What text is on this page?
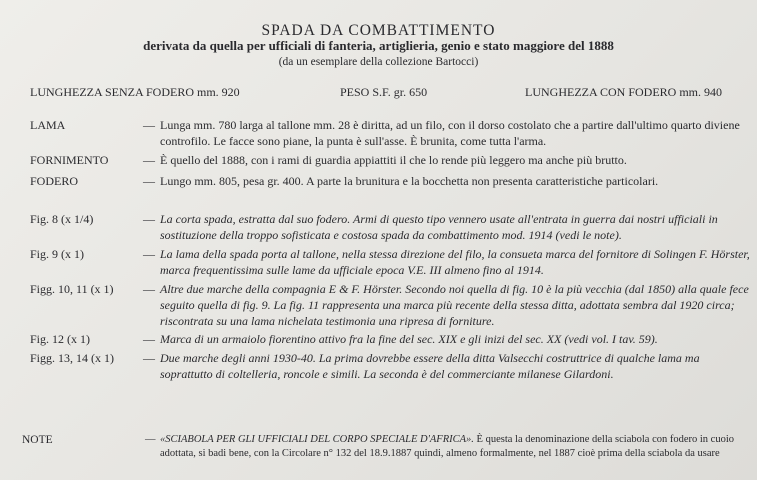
SPADA DA COMBATTIMENTO
derivata da quella per ufficiali di fanteria, artiglieria, genio e stato maggiore del 1888
(da un esemplare della collezione Bartocci)
LUNGHEZZA SENZA FODERO mm. 920	PESO S.F. gr. 650	LUNGHEZZA CON FODERO mm. 940
LAMA	— Lunga mm. 780 larga al tallone mm. 28 è diritta, ad un filo, con il dorso costolato che a partire dall'ultimo quarto diviene controfilo. Le facce sono piane, la punta è sull'asse. È brunita, come tutta l'arma.
FORNIMENTO	— È quello del 1888, con i rami di guardia appiattiti il che lo rende più leggero ma anche più brutto.
FODERO	— Lungo mm. 805, pesa gr. 400. A parte la brunitura e la bocchetta non presenta caratteristiche particolari.
Fig. 8 (x 1/4)	— La corta spada, estratta dal suo fodero. Armi di questo tipo vennero usate all'entrata in guerra dai nostri ufficiali in sostituzione della troppo sofisticata e costosa spada da combattimento mod. 1914 (vedi le note).
Fig. 9 (x 1)	— La lama della spada porta al tallone, nella stessa direzione del filo, la consueta marca del fornitore di Solingen F. Hörster, marca frequentissima sulle lame da ufficiale epoca V.E. III almeno fino al 1914.
Figg. 10, 11 (x 1) — Altre due marche della compagnia E & F. Hörster. Secondo noi quella di fig. 10 è la più vecchia (dal 1850) alla quale fece seguito quella di fig. 9. La fig. 11 rappresenta una marca più recente della stessa ditta, adottata sembra dal 1920 circa; riscontrata su una lama nichelata testimonia una ripresa di forniture.
Fig. 12 (x 1)	— Marca di un armaiolo fiorentino attivo fra la fine del sec. XIX e gli inizi del sec. XX (vedi vol. I tav. 59).
Figg. 13, 14 (x 1) — Due marche degli anni 1930-40. La prima dovrebbe essere della ditta Valsecchi costruttrice di qualche lama ma soprattutto di coltelleria, roncole e simili. La seconda è del commerciante milanese Gilardoni.
NOTE	— «SCIABOLA PER GLI UFFICIALI DEL CORPO SPECIALE D'AFRICA». È questa la denominazione della sciabola con fodero in cuoio adottata, si badi bene, con la Circolare n° 132 del 18.9.1887 quindi, almeno formalmente, nel 1887 cioè prima della sciabola da usare
